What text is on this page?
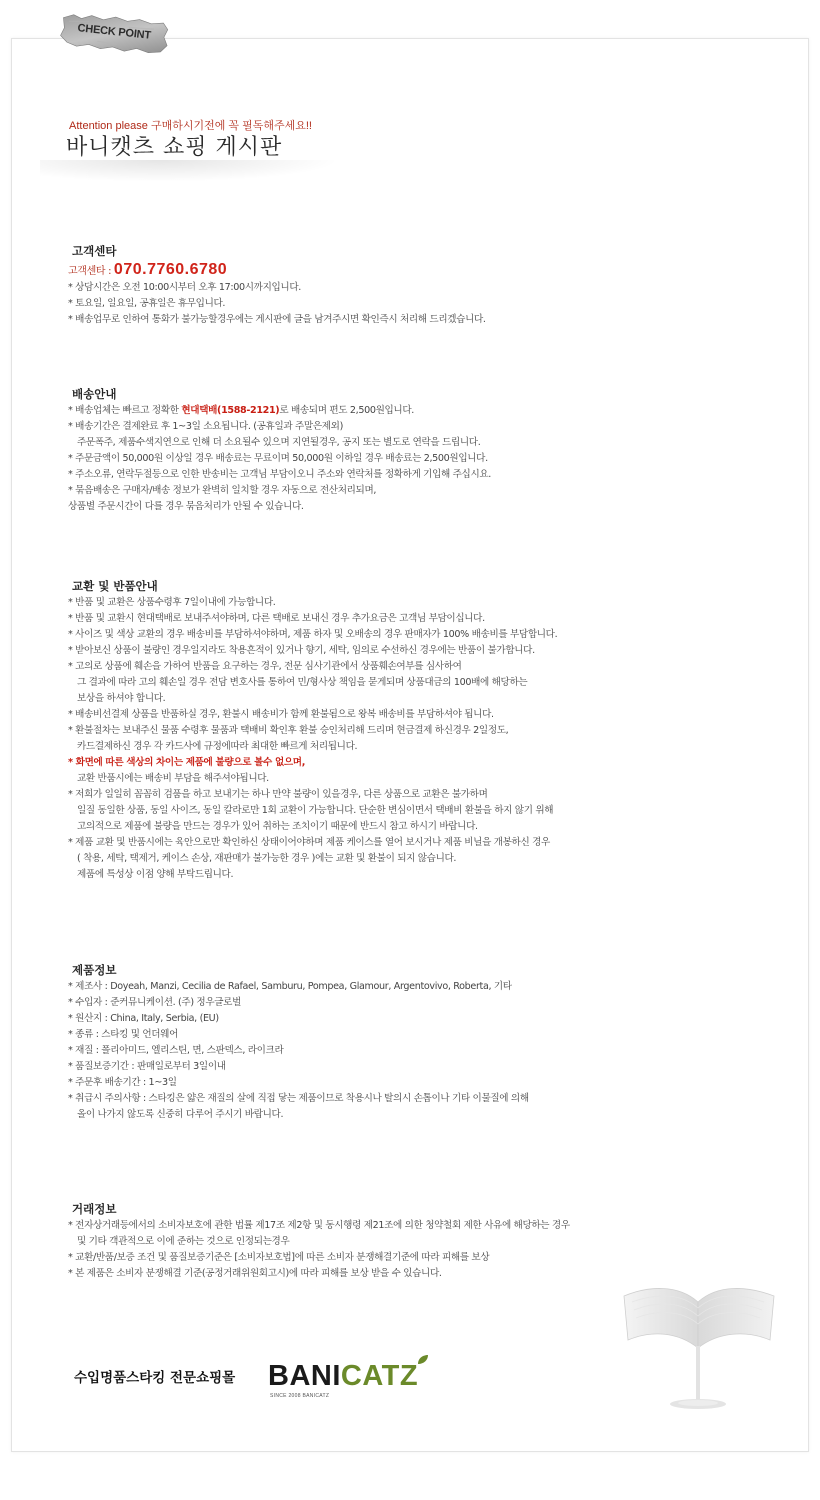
CHECK POINT
Attention please 구매하시기전에 꼭 필독해주세요!!
바니캣츠 쇼핑 게시판
고객센타
고객센타 : 070.7760.6780
* 상담시간은 오전 10:00시부터 오후 17:00시까지입니다.
* 토요일, 일요일, 공휴일은 휴무입니다.
* 배송업무로 인하여 통화가 불가능할경우에는 게시판에 글을 남겨주시면 확인즉시 처리해 드리겠습니다.
배송안내
* 배송업체는 빠르고 정확한 현대택배(1588-2121)로 배송되며 편도 2,500원입니다.
* 배송기간은 결제완료 후 1~3일 소요됩니다. (공휴일과 주말은제외)
주문폭주, 제품수색지연으로 인해 더 소요될수 있으며 지연될경우, 공지 또는 별도로 연락을 드립니다.
* 주문금액이 50,000원 이상일 경우 배송료는 무료이며 50,000원 이하일 경우 배송료는 2,500원입니다.
* 주소오류, 연락두절등으로 인한 반송비는 고객님 부담이오니 주소와 연락처를 정확하게 기입해 주십시요.
* 묶음배송은 구매자/배송 정보가 완벽히 일치할 경우 자동으로 전산처리되며,
상품별 주문시간이 다를 경우 묶음처리가 안될 수 있습니다.
교환 및 반품안내
* 반품 및 교환은 상품수령후 7일이내에 가능합니다.
* 반품 및 교환시 현대택배로 보내주셔야하며, 다른 택배로 보내신 경우 추가요금은 고객님 부담이십니다.
* 사이즈 및 색상 교환의 경우 배송비를 부담하셔야하며, 제품 하자 및 오배송의 경우 판매자가 100% 배송비를 부담합니다.
* 받아보신 상품이 불량인 경우일지라도 착용흔적이 있거나 향기, 세탁, 임의로 수선하신 경우에는 반품이 불가합니다.
* 고의로 상품에 훼손을 가하여 반품을 요구하는 경우, 전문 심사기관에서 상품훼손여부를 심사하여
그 결과에 따라 고의 훼손일 경우 전담 변호사를 통하여 민/형사상 책임을 묻게되며 상품대금의 100배에 해당하는
보상을 하셔야 합니다.
* 배송비선결제 상품을 반품하실 경우, 환불시 배송비가 함께 환불됨으로 왕복 배송비를 부담하셔야 됩니다.
* 환불절차는 보내주신 물품 수령후 물품과 택배비 확인후 환불 승인처리해 드리며 현금결제 하신경우 2일정도,
카드결제하신 경우 각 카드사에 규정에따라 최대한 빠르게 처리됩니다.
* 화면에 따른 색상의 차이는 제품에 불량으로 볼수 없으며,
교환 반품시에는 배송비 부담을 해주셔야됩니다.
* 저희가 일일히 꼼꼼히 검품을 하고 보내기는 하나 만약 불량이 있을경우, 다른 상품으로 교환은 불가하며
일질 동일한 상품, 동일 사이즈, 동일 칼라로만 1회 교환이 가능합니다. 단순한 변심이면서 택배비 환불을 하지 않기 위해
고의적으로 제품에 불량을 만드는 경우가 있어 취하는 조치이기 때문에 반드시 참고 하시기 바랍니다.
* 제품 교환 및 반품시에는 육안으로만 확인하신 상태이어야하며 제품 케이스를 열어 보시거나 제품 비닐을 개봉하신 경우
( 착용, 세탁, 택제거, 케이스 손상, 재판매가 불가능한 경우 )에는 교환 및 환불이 되지 않습니다.
제품에 특성상 이점 양해 부탁드립니다.
제품정보
* 제조사 : Doyeah, Manzi, Cecilia de Rafael, Samburu, Pompea, Glamour, Argentovivo, Roberta, 기타
* 수입자 : 준커뮤니케이션. (주) 정우글로벌
* 원산지 : China, Italy, Serbia, (EU)
* 종류 : 스타킹 및 언더웨어
* 재질 : 폴리아미드, 엘리스틴, 면, 스판덱스, 라이크라
* 품질보증기간 : 판매일로부터 3일이내
* 주문후 배송기간 : 1~3일
* 취급시 주의사항 : 스타킹은 얇은 재질의 살에 직접 닿는 제품이므로 착용시나 탈의시 손톱이나 기타 이물질에 의해
올이 나가지 않도록 신중히 다루어 주시기 바랍니다.
거래정보
* 전자상거래등에서의 소비자보호에 관한 법률 제17조 제2항 및 동시행령 제21조에 의한 청약철회 제한 사유에 해당하는 경우
및 기타 객관적으로 이에 준하는 것으로 인정되는경우
* 교환/반품/보증 조건 및 품질보증기준은 [소비자보호법]에 따른 소비자 분쟁해결기준에 따라 피해를 보상
* 본 제품은 소비자 분쟁해결 기준(공정거래위원회고시)에 따라 피해를 보상 받을 수 있습니다.
수입명품스타킹 전문쇼핑몰 BANICATZ
SINCE 2008 BANICATZ
